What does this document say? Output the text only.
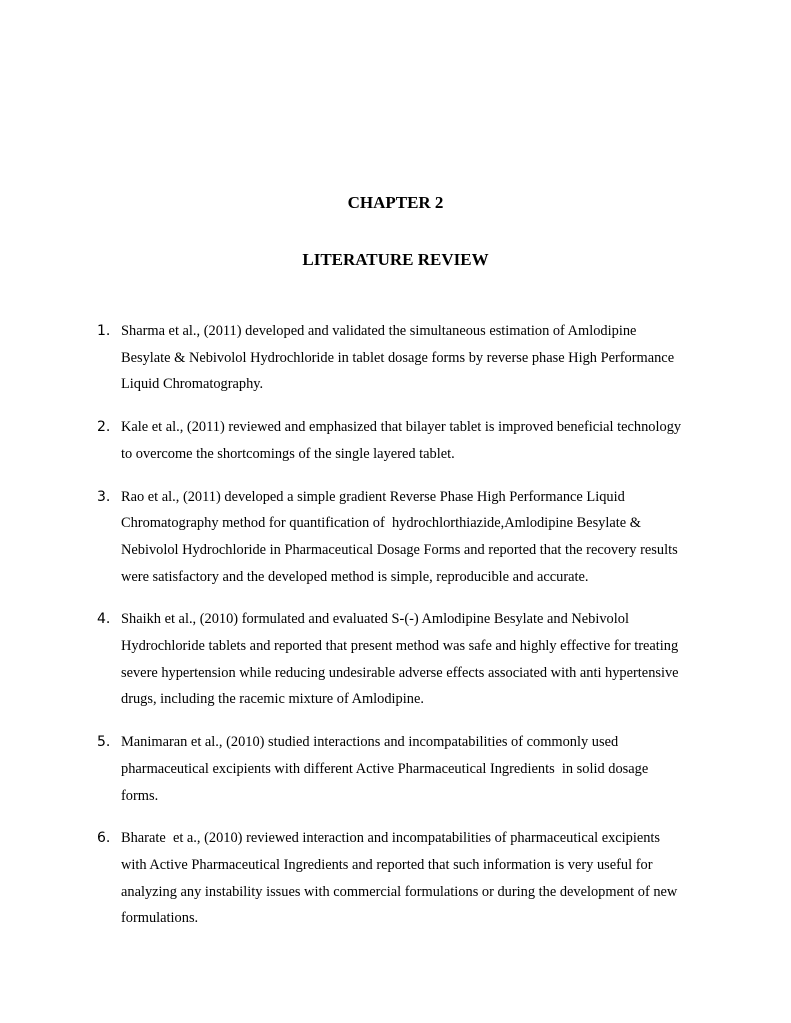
CHAPTER 2
LITERATURE REVIEW
1. Sharma et al., (2011) developed and validated the simultaneous estimation of Amlodipine
Besylate & Nebivolol Hydrochloride in tablet dosage forms by reverse phase High Performance
Liquid Chromatography.
2. Kale et al., (2011) reviewed and emphasized that bilayer tablet is improved beneficial technology
to overcome the shortcomings of the single layered tablet.
3. Rao et al., (2011) developed a simple gradient Reverse Phase High Performance Liquid
Chromatography method for quantification of  hydrochlorthiazide,Amlodipine Besylate &
Nebivolol Hydrochloride in Pharmaceutical Dosage Forms and reported that the recovery results
were satisfactory and the developed method is simple, reproducible and accurate.
4. Shaikh et al., (2010) formulated and evaluated S-(-) Amlodipine Besylate and Nebivolol
Hydrochloride tablets and reported that present method was safe and highly effective for treating
severe hypertension while reducing undesirable adverse effects associated with anti hypertensive
drugs, including the racemic mixture of Amlodipine.
5. Manimaran et al., (2010) studied interactions and incompatabilities of commonly used
pharmaceutical excipients with different Active Pharmaceutical Ingredients  in solid dosage
forms.
6. Bharate  et a., (2010) reviewed interaction and incompatabilities of pharmaceutical excipients
with Active Pharmaceutical Ingredients and reported that such information is very useful for
analyzing any instability issues with commercial formulations or during the development of new
formulations.
